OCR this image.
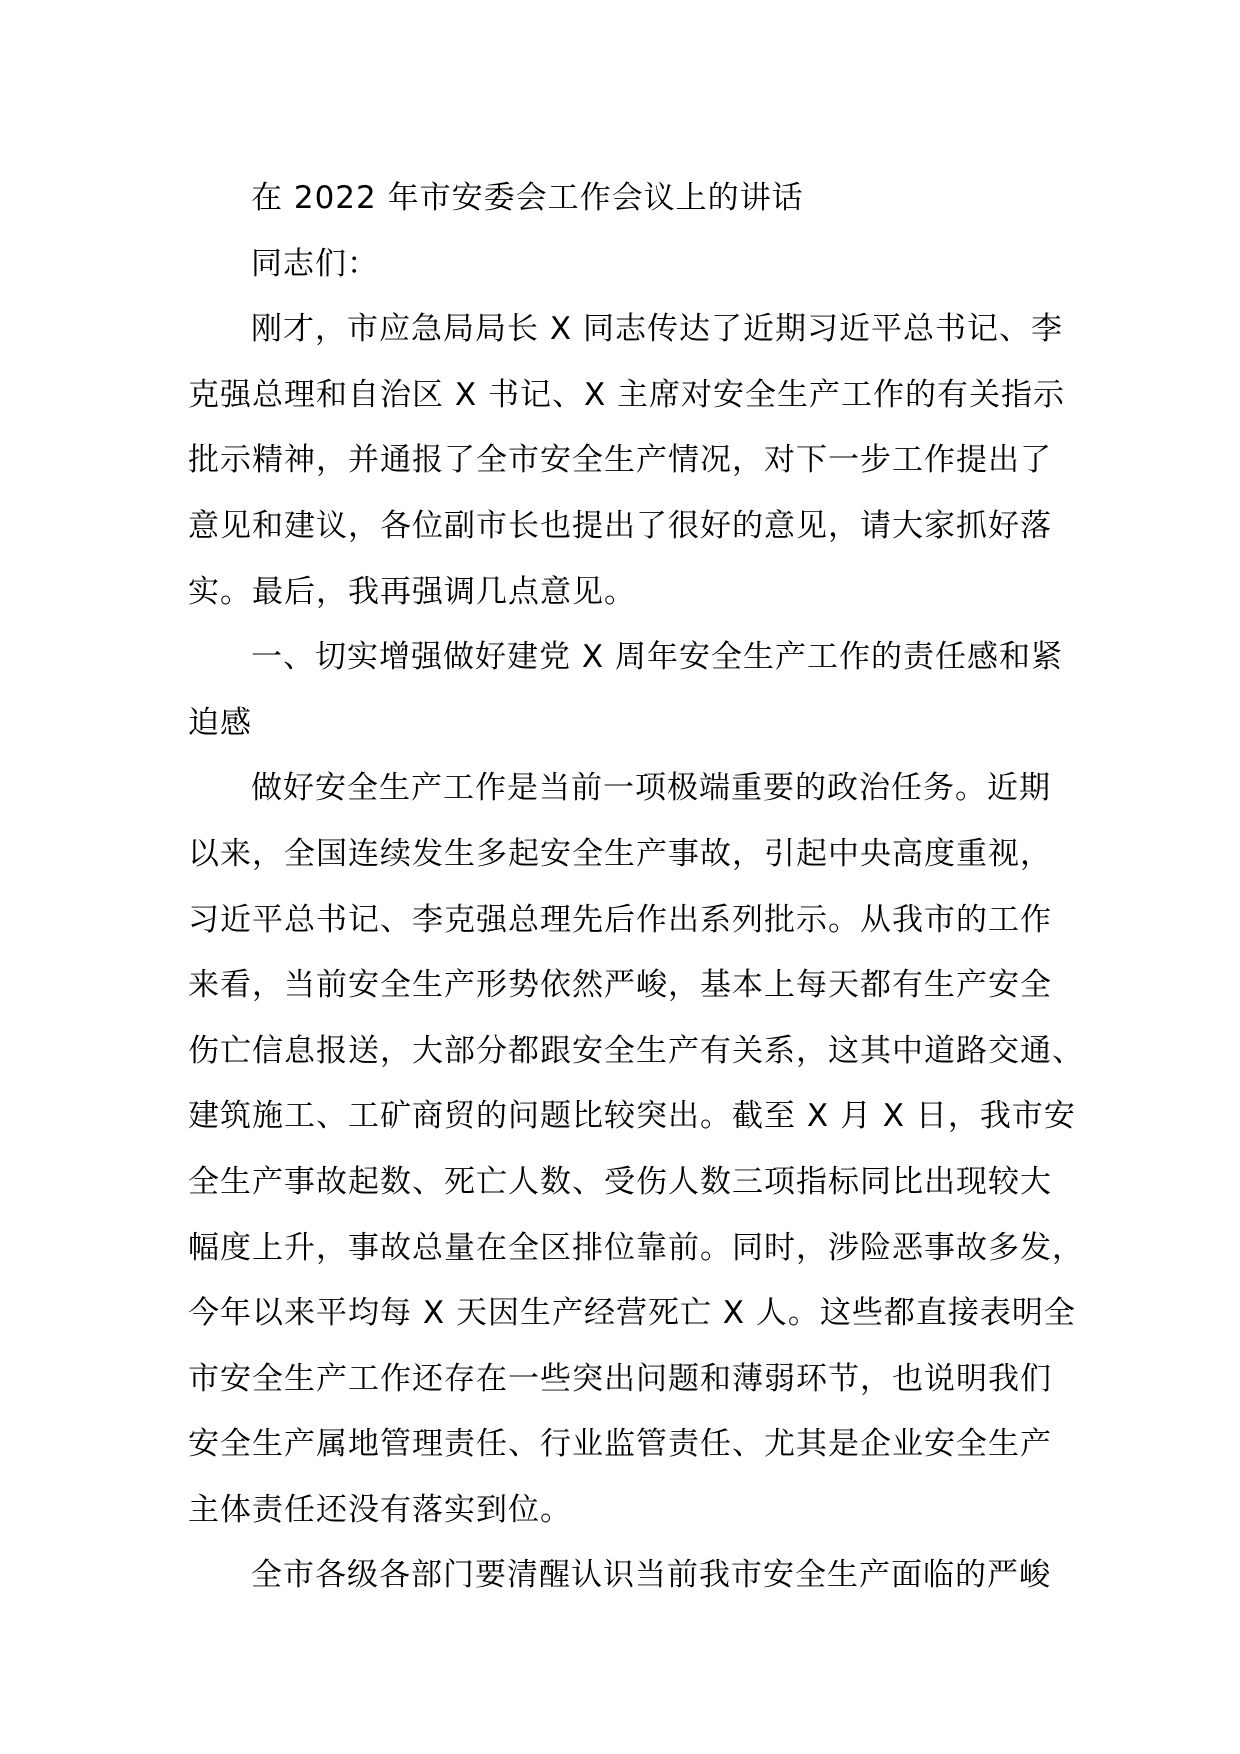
在 2022 年市安委会工作会议上的讲话
同志们：
刚才，市应急局局长 X 同志传达了近期习近平总书记、李
克强总理和自治区 X 书记、X 主席对安全生产工作的有关指示
批示精神，并通报了全市安全生产情况，对下一步工作提出了
意见和建议，各位副市长也提出了很好的意见，请大家抓好落
实。最后，我再强调几点意见。
一、切实增强做好建党 X 周年安全生产工作的责任感和紧
迫感
做好安全生产工作是当前一项极端重要的政治任务。近期
以来，全国连续发生多起安全生产事故，引起中央高度重视，
习近平总书记、李克强总理先后作出系列批示。从我市的工作
来看，当前安全生产形势依然严峻，基本上每天都有生产安全
伤亡信息报送，大部分都跟安全生产有关系，这其中道路交通、
建筑施工、工矿商贸的问题比较突出。截至 X 月 X 日，我市安
全生产事故起数、死亡人数、受伤人数三项指标同比出现较大
幅度上升，事故总量在全区排位靠前。同时，涉险恶事故多发，
今年以来平均每 X 天因生产经营死亡 X 人。这些都直接表明全
市安全生产工作还存在一些突出问题和薄弱环节，也说明我们
安全生产属地管理责任、行业监管责任、尤其是企业安全生产
主体责任还没有落实到位。
全市各级各部门要清醒认识当前我市安全生产面临的严峻
